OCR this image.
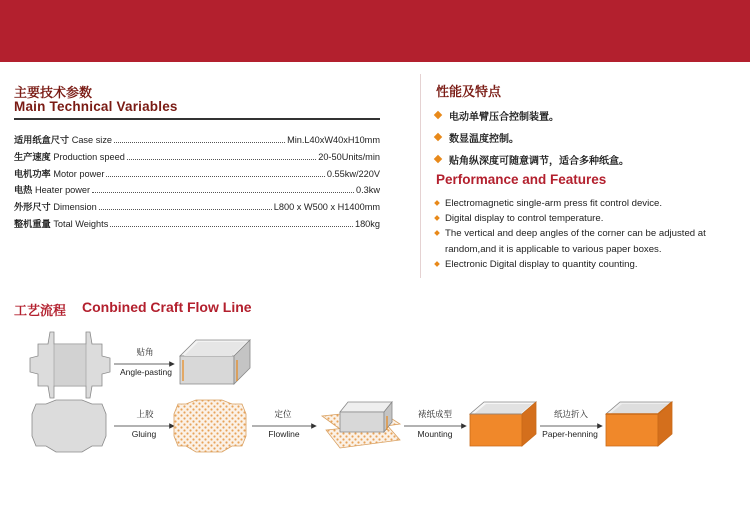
主要技术参数
Main Technical Variables
适用纸盒尺寸 Case size	Min.L40xW40xH10mm
生产速度 Production speed	20-50Units/min
电机功率 Motor power	0.55kw/220V
电热 Heater power	0.3kw
外形尺寸 Dimension	L800 x W500 x H1400mm
整机重量 Total Weights	180kg
性能及特点
电动单臂压合控制装置。
数显温度控制。
贴角纵深度可随意调节，适合多种纸盒。
Performance and Features
Electromagnetic single-arm press fit control device.
Digital display to control temperature.
The vertical and deep angles of the corner can be adjusted at random,and it is applicable to various paper boxes.
Electronic Digital display to quantity counting.
工艺流程 Conbined Craft Flow Line
贴角
Angle-pasting
上胶
Gluing
定位
Flowline
裱纸成型
Mounting
纸边折入
Paper-henning
